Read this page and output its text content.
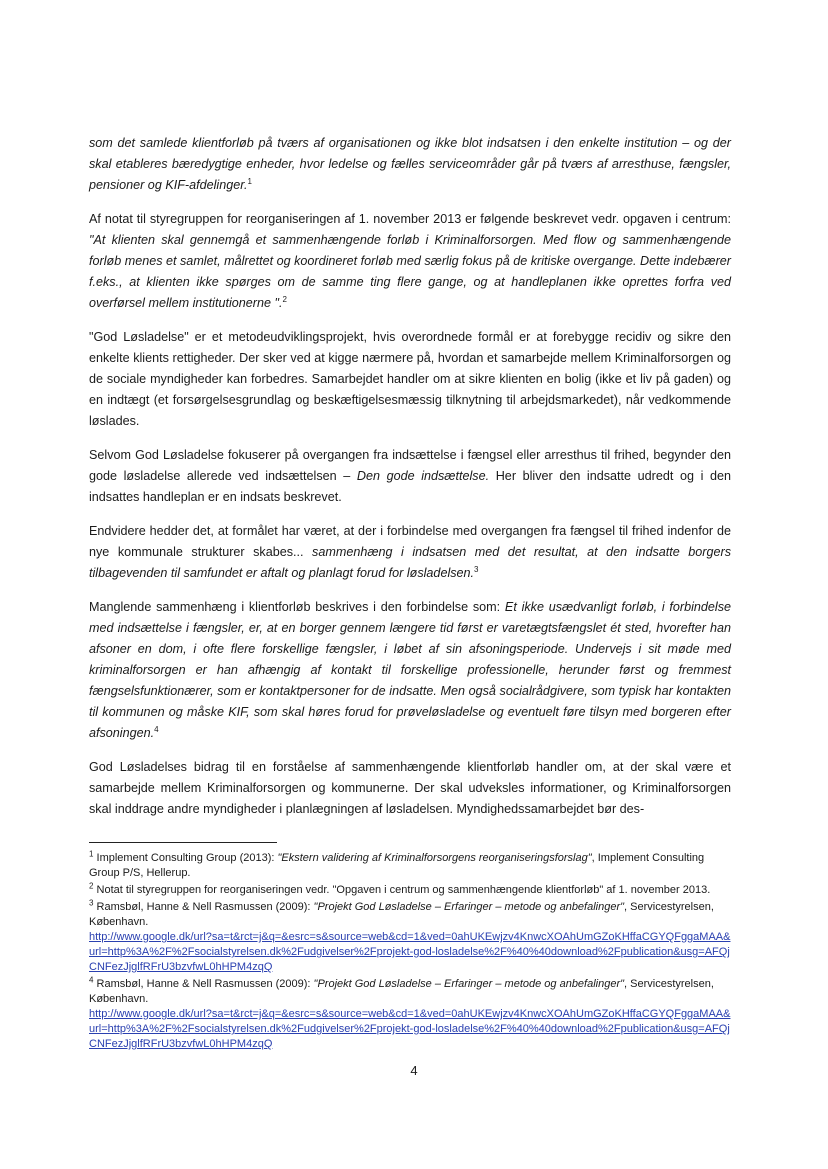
som det samlede klientforløb på tværs af organisationen og ikke blot indsatsen i den enkelte institution – og der skal etableres bæredygtige enheder, hvor ledelse og fælles serviceområder går på tværs af arresthuse, fængsler, pensioner og KIF-afdelinger.$^1$

Af notat til styregruppen for reorganiseringen af 1. november 2013 er følgende beskrevet vedr. opgaven i centrum: "At klienten skal gennemgå et sammenhængende forløb i Kriminalforsorgen. Med flow og sammenhængende forløb menes et samlet, målrettet og koordineret forløb med særlig fokus på de kritiske overgange. Dette indebærer f.eks., at klienten ikke spørges om de samme ting flere gange, og at handleplanen ikke oprettes forfra ved overførsel mellem institutionerne ".$^2$

"God Løsladelse" er et metodeudviklingsprojekt, hvis overordnede formål er at forebygge recidiv og sikre den enkelte klients rettigheder. Der sker ved at kigge nærmere på, hvordan et samarbejde mellem Kriminalforsorgen og de sociale myndigheder kan forbedres. Samarbejdet handler om at sikre klienten en bolig (ikke et liv på gaden) og en indtægt (et forsørgelsesgrundlag og beskæftigelsesmæssig tilknytning til arbejdsmarkedet), når vedkommende løslades.

Selvom God Løsladelse fokuserer på overgangen fra indsættelse i fængsel eller arresthus til frihed, begynder den gode løsladelse allerede ved indsættelsen – Den gode indsættelse. Her bliver den indsatte udredt og i den indsattes handleplan er en indsats beskrevet.

Endvidere hedder det, at formålet har været, at der i forbindelse med overgangen fra fængsel til frihed indenfor de nye kommunale strukturer skabes... sammenhæng i indsatsen med det resultat, at den indsatte borgers tilbagevenden til samfundet er aftalt og planlagt forud for løsladelsen.$^3$

Manglende sammenhæng i klientforløb beskrives i den forbindelse som: Et ikke usædvanligt forløb, i forbindelse med indsættelse i fængsler, er, at en borger gennem længere tid først er varetægtsfængslet ét sted, hvorefter han afsoner en dom, i ofte flere forskellige fængsler, i løbet af sin afsoningsperiode. Undervejs i sit møde med kriminalforsorgen er han afhængig af kontakt til forskellige professionelle, herunder først og fremmest fængselsfunktionærer, som er kontaktpersoner for de indsatte. Men også socialrådgivere, som typisk har kontakten til kommunen og måske KIF, som skal høres forud for prøveløsladelse og eventuelt føre tilsyn med borgeren efter afsoningen.$^4$

God Løsladelses bidrag til en forståelse af sammenhængende klientforløb handler om, at der skal være et samarbejde mellem Kriminalforsorgen og kommunerne. Der skal udveksles informationer, og Kriminalforsorgen skal inddrage andre myndigheder i planlægningen af løsladelsen. Myndighedssamarbejdet bør des-

$^1$ Implement Consulting Group (2013): "Ekstern validering af Kriminalforsorgens reorganiseringsforslag", Implement Consulting Group P/S, Hellerup.
$^2$ Notat til styregruppen for reorganiseringen vedr. "Opgaven i centrum og sammenhængende klientforløb" af 1. november 2013.
$^3$ Ramsbøl, Hanne & Nell Rasmussen (2009): "Projekt God Løsladelse – Erfaringer – metode og anbefalinger", Servicestyrelsen, København.
http://www.google.dk/url?sa=t&rct=j&q=&esrc=s&source=web&cd=1&ved=0ahUKEwjzv4KnwcXOAhUmGZoKHffaCGYQFggaMAA&url=http%3A%2F%2Fsocialstyrelsen.dk%2Fudgivelser%2Fprojekt-god-losladelse%2F%40%40download%2Fpublication&usg=AFQjCNFezJjglfRFrU3bzvfwL0hHPM4zqQ
$^4$ Ramsbøl, Hanne & Nell Rasmussen (2009): "Projekt God Løsladelse – Erfaringer – metode og anbefalinger", Servicestyrelsen, København.
http://www.google.dk/url?sa=t&rct=j&q=&esrc=s&source=web&cd=1&ved=0ahUKEwjzv4KnwcXOAhUmGZoKHffaCGYQFggaMAA&url=http%3A%2F%2Fsocialstyrelsen.dk%2Fudgivelser%2Fprojekt-god-losladelse%2F%40%40download%2Fpublication&usg=AFQjCNFezJjglfRFrU3bzvfwL0hHPM4zqQ
4
